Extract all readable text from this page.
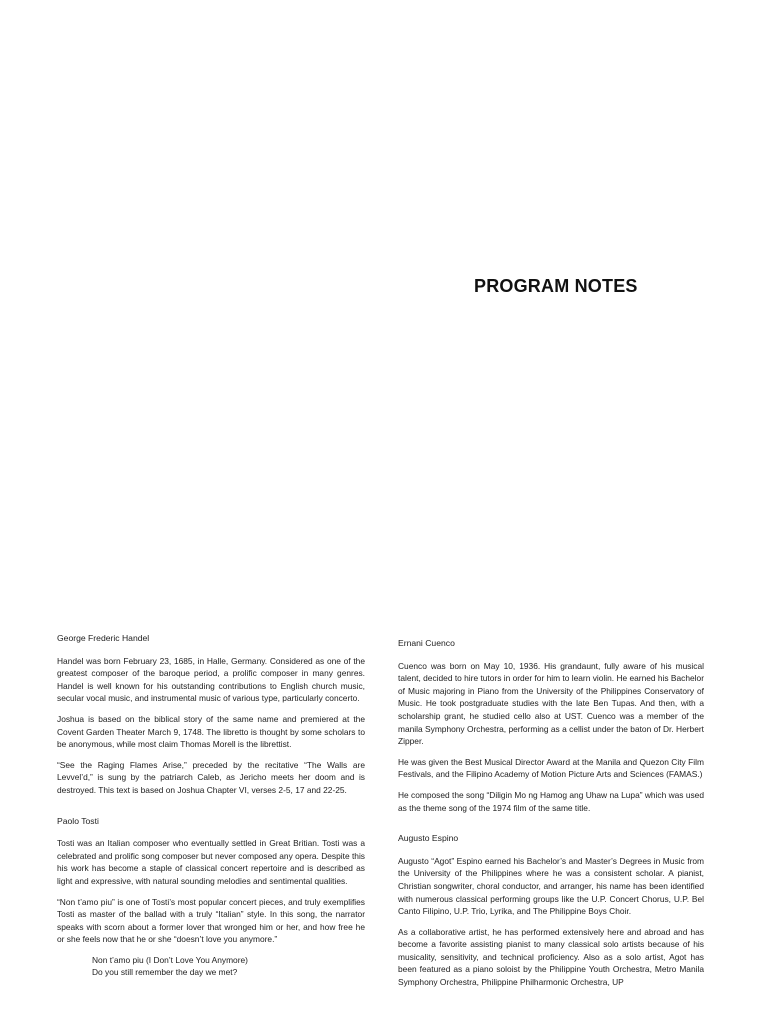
PROGRAM NOTES
George Frederic Handel

Handel was born February 23, 1685, in Halle, Germany. Considered as one of the greatest composer of the baroque period, a prolific composer in many genres. Handel is well known for his outstanding contributions to English church music, secular vocal music, and instrumental music of various type, particularly concerto.

Joshua is based on the biblical story of the same name and premiered at the Covent Garden Theater March 9, 1748. The libretto is thought by some scholars to be anonymous, while most claim Thomas Morell is the librettist.

“See the Raging Flames Arise,” preceded by the recitative “The Walls are Levvel’d,” is sung by the patriarch Caleb, as Jericho meets her doom and is destroyed. This text is based on Joshua Chapter VI, verses 2-5, 17 and 22-25.

Paolo Tosti

Tosti was an Italian composer who eventually settled in Great Britian. Tosti was a celebrated and prolific song composer but never composed any opera. Despite this his work has become a staple of classical concert repertoire and is described as light and expressive, with natural sounding melodies and sentimental qualities.

“Non t’amo piu” is one of Tosti’s most popular concert pieces, and truly exemplifies Tosti as master of the ballad with a truly “Italian” style. In this song, the narrator speaks with scorn about a former lover that wronged him or her, and how free he or she feels now that he or she “doesn’t love you anymore.”

Non t’amo piu (I Don’t Love You Anymore)
Do you still remember the day we met?
Ernani Cuenco

Cuenco was born on May 10, 1936. His grandaunt, fully aware of his musical talent, decided to hire tutors in order for him to learn violin. He earned his Bachelor of Music majoring in Piano from the University of the Philippines Conservatory of Music. He took postgraduate studies with the late Ben Tupas. And then, with a scholarship grant, he studied cello also at UST. Cuenco was a member of the manila Symphony Orchestra, performing as a cellist under the baton of Dr. Herbert Zipper.

He was given the Best Musical Director Award at the Manila and Quezon City Film Festivals, and the Filipino Academy of Motion Picture Arts and Sciences (FAMAS.)

He composed the song “Diligin Mo ng Hamog ang Uhaw na Lupa” which was used as the theme song of the 1974 film of the same title.

Augusto Espino

Augusto “Agot” Espino earned his Bachelor’s and Master’s Degrees in Music from the University of the Philippines where he was a consistent scholar. A pianist, Christian songwriter, choral conductor, and arranger, his name has been identified with numerous classical performing groups like the U.P. Concert Chorus, U.P. Bel Canto Filipino, U.P. Trio, Lyrika, and The Philippine Boys Choir.

As a collaborative artist, he has performed extensively here and abroad and has become a favorite assisting pianist to many classical solo artists because of his musicality, sensitivity, and technical proficiency. Also as a solo artist, Agot has been featured as a piano soloist by the Philippine Youth Orchestra, Metro Manila Symphony Orchestra, Philippine Philharmonic Orchestra, UP
